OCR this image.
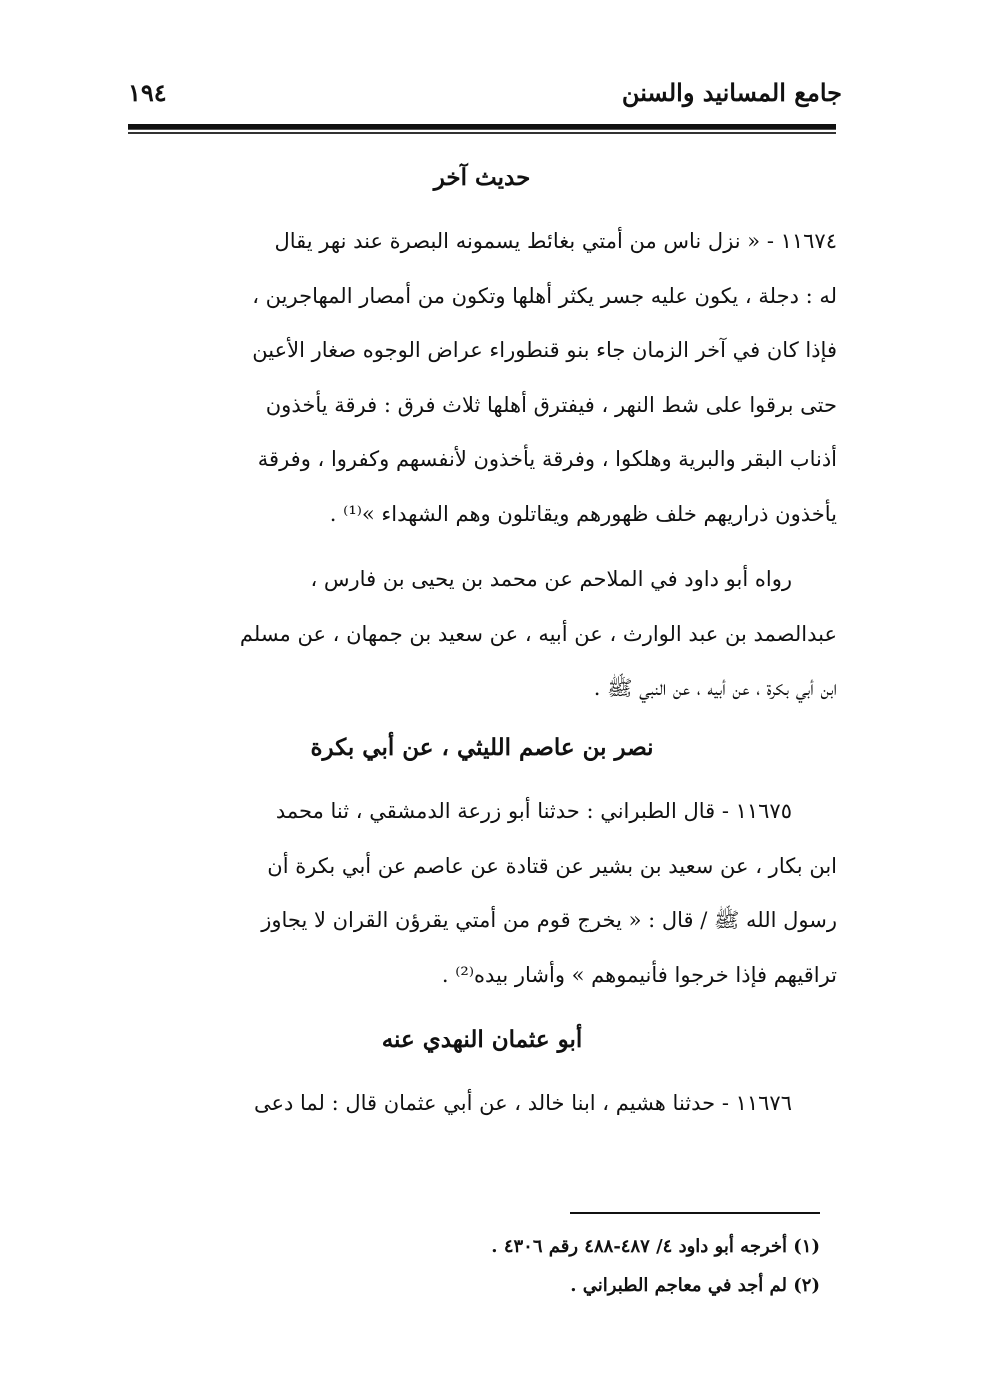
جامع المسانيد والسنن
١٩٤
حديث آخر

١١٦٧٤ - « نزل ناس من أمتي بغائط يسمونه البصرة عند نهر يقال
له : دجلة ، يكون عليه جسر يكثر أهلها وتكون من أمصار المهاجرين ،
فإذا كان في آخر الزمان جاء بنو قنطوراء عراض الوجوه صغار الأعين
حتى برقوا على شط النهر ، فيفترق أهلها ثلاث فرق : فرقة يأخذون
أذناب البقر والبرية وهلكوا ، وفرقة يأخذون لأنفسهم وكفروا ، وفرقة
يأخذون ذراريهم خلف ظهورهم ويقاتلون وهم الشهداء »⁽¹⁾ .

رواه أبو داود في الملاحم عن محمد بن يحيى بن فارس ،
عبدالصمد بن عبد الوارث ، عن أبيه ، عن سعيد بن جمهان ، عن مسلم
ابن أبي بكرة ، عن أبيه ، عن النبي ﷺ .

نصر بن عاصم الليثي ، عن أبي بكرة

١١٦٧٥ - قال الطبراني : حدثنا أبو زرعة الدمشقي ، ثنا محمد
ابن بكار ، عن سعيد بن بشير عن قتادة عن عاصم عن أبي بكرة أن
رسول الله ﷺ / قال : « يخرج قوم من أمتي يقرؤن القران لا يجاوز
تراقيهم فإذا خرجوا فأنيموهم » وأشار بيده⁽²⁾ .

أبو عثمان النهدي عنه

١١٦٧٦ - حدثنا هشيم ، ابنا خالد ، عن أبي عثمان قال : لما دعى

(١) أخرجه أبو داود ٤/ ٤٨٧-٤٨٨ رقم ٤٣٠٦ .
(٢) لم أجد في معاجم الطبراني .
